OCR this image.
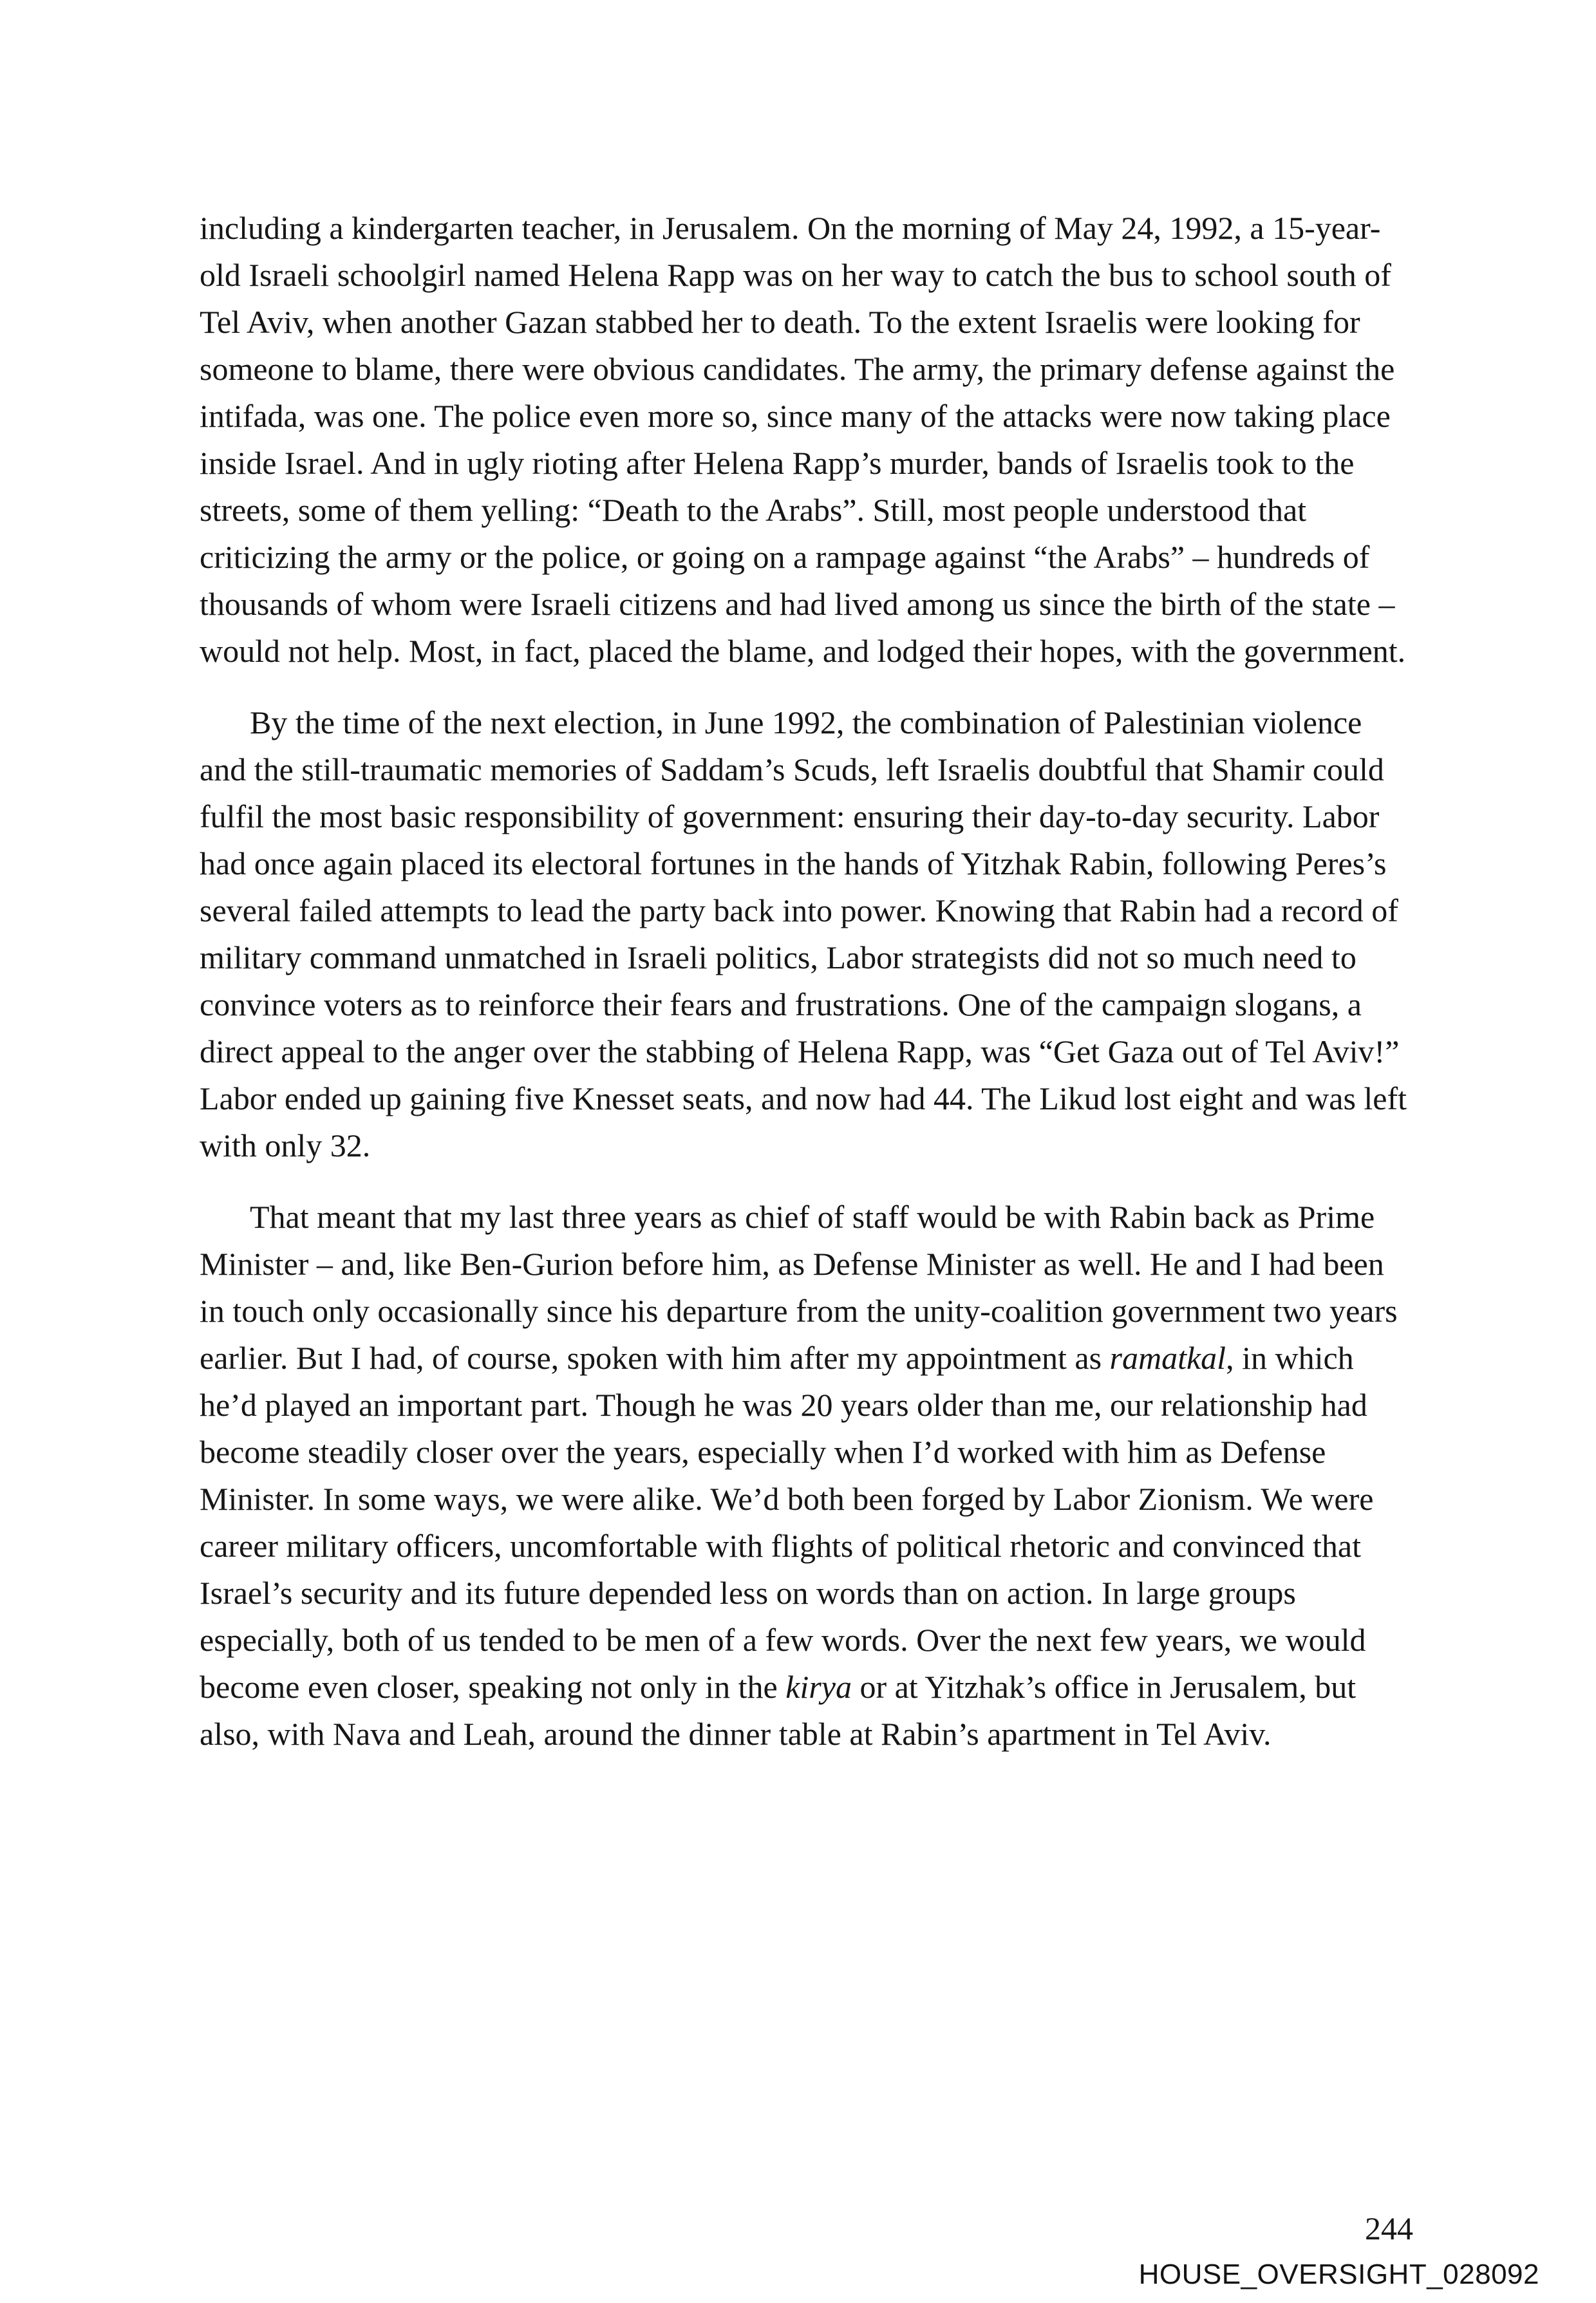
including a kindergarten teacher, in Jerusalem. On the morning of May 24, 1992, a 15-year-old Israeli schoolgirl named Helena Rapp was on her way to catch the bus to school south of Tel Aviv, when another Gazan stabbed her to death. To the extent Israelis were looking for someone to blame, there were obvious candidates. The army, the primary defense against the intifada, was one. The police even more so, since many of the attacks were now taking place inside Israel. And in ugly rioting after Helena Rapp’s murder, bands of Israelis took to the streets, some of them yelling: “Death to the Arabs”. Still, most people understood that criticizing the army or the police, or going on a rampage against “the Arabs” – hundreds of thousands of whom were Israeli citizens and had lived among us since the birth of the state – would not help. Most, in fact, placed the blame, and lodged their hopes, with the government.

By the time of the next election, in June 1992, the combination of Palestinian violence and the still-traumatic memories of Saddam’s Scuds, left Israelis doubtful that Shamir could fulfil the most basic responsibility of government: ensuring their day-to-day security. Labor had once again placed its electoral fortunes in the hands of Yitzhak Rabin, following Peres’s several failed attempts to lead the party back into power. Knowing that Rabin had a record of military command unmatched in Israeli politics, Labor strategists did not so much need to convince voters as to reinforce their fears and frustrations. One of the campaign slogans, a direct appeal to the anger over the stabbing of Helena Rapp, was “Get Gaza out of Tel Aviv!” Labor ended up gaining five Knesset seats, and now had 44. The Likud lost eight and was left with only 32.

That meant that my last three years as chief of staff would be with Rabin back as Prime Minister – and, like Ben-Gurion before him, as Defense Minister as well. He and I had been in touch only occasionally since his departure from the unity-coalition government two years earlier. But I had, of course, spoken with him after my appointment as ramatkal, in which he’d played an important part. Though he was 20 years older than me, our relationship had become steadily closer over the years, especially when I’d worked with him as Defense Minister. In some ways, we were alike. We’d both been forged by Labor Zionism. We were career military officers, uncomfortable with flights of political rhetoric and convinced that Israel’s security and its future depended less on words than on action. In large groups especially, both of us tended to be men of a few words. Over the next few years, we would become even closer, speaking not only in the kirya or at Yitzhak’s office in Jerusalem, but also, with Nava and Leah, around the dinner table at Rabin’s apartment in Tel Aviv.

244
HOUSE_OVERSIGHT_028092
